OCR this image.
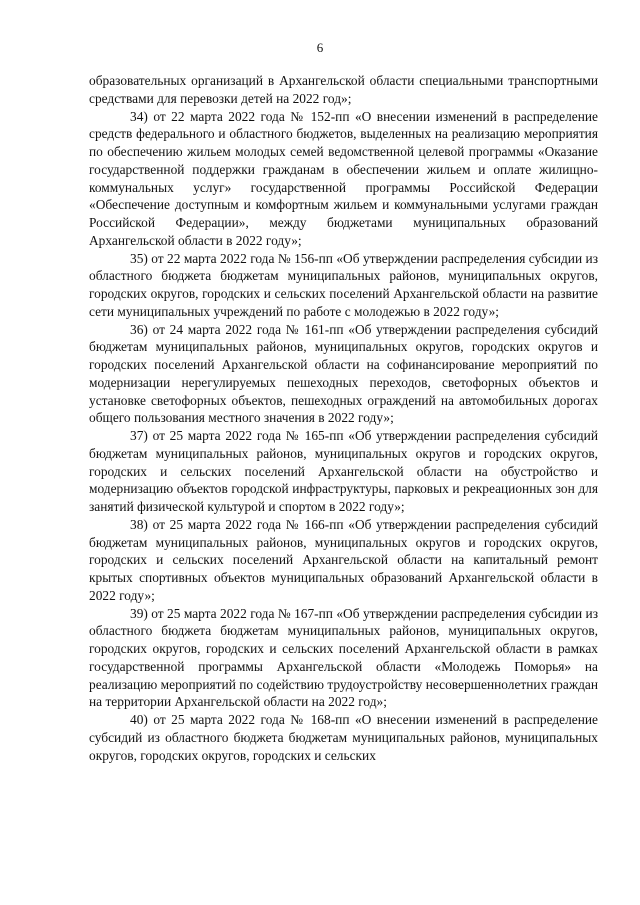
6

образовательных организаций в Архангельской области специальными транспортными средствами для перевозки детей на 2022 год»;

34) от 22 марта 2022 года № 152-пп «О внесении изменений в распределение средств федерального и областного бюджетов, выделенных на реализацию мероприятия по обеспечению жильем молодых семей ведомственной целевой программы «Оказание государственной поддержки гражданам в обеспечении жильем и оплате жилищно-коммунальных услуг» государственной программы Российской Федерации «Обеспечение доступным и комфортным жильем и коммунальными услугами граждан Российской Федерации», между бюджетами муниципальных образований Архангельской области в 2022 году»;

35) от 22 марта 2022 года № 156-пп «Об утверждении распределения субсидии из областного бюджета бюджетам муниципальных районов, муниципальных округов, городских округов, городских и сельских поселений Архангельской области на развитие сети муниципальных учреждений по работе с молодежью в 2022 году»;

36) от 24 марта 2022 года № 161-пп «Об утверждении распределения субсидий бюджетам муниципальных районов, муниципальных округов, городских округов и городских поселений Архангельской области на софинансирование мероприятий по модернизации нерегулируемых пешеходных переходов, светофорных объектов и установке светофорных объектов, пешеходных ограждений на автомобильных дорогах общего пользования местного значения в 2022 году»;

37) от 25 марта 2022 года № 165-пп «Об утверждении распределения субсидий бюджетам муниципальных районов, муниципальных округов и городских округов, городских и сельских поселений Архангельской области на обустройство и модернизацию объектов городской инфраструктуры, парковых и рекреационных зон для занятий физической культурой и спортом в 2022 году»;

38) от 25 марта 2022 года № 166-пп «Об утверждении распределения субсидий бюджетам муниципальных районов, муниципальных округов и городских округов, городских и сельских поселений Архангельской области на капитальный ремонт крытых спортивных объектов муниципальных образований Архангельской области в 2022 году»;

39) от 25 марта 2022 года № 167-пп «Об утверждении распределения субсидии из областного бюджета бюджетам муниципальных районов, муниципальных округов, городских округов, городских и сельских поселений Архангельской области в рамках государственной программы Архангельской области «Молодежь Поморья» на реализацию мероприятий по содействию трудоустройству несовершеннолетних граждан на территории Архангельской области на 2022 год»;

40) от 25 марта 2022 года № 168-пп «О внесении изменений в распределение субсидий из областного бюджета бюджетам муниципальных районов, муниципальных округов, городских округов, городских и сельских
